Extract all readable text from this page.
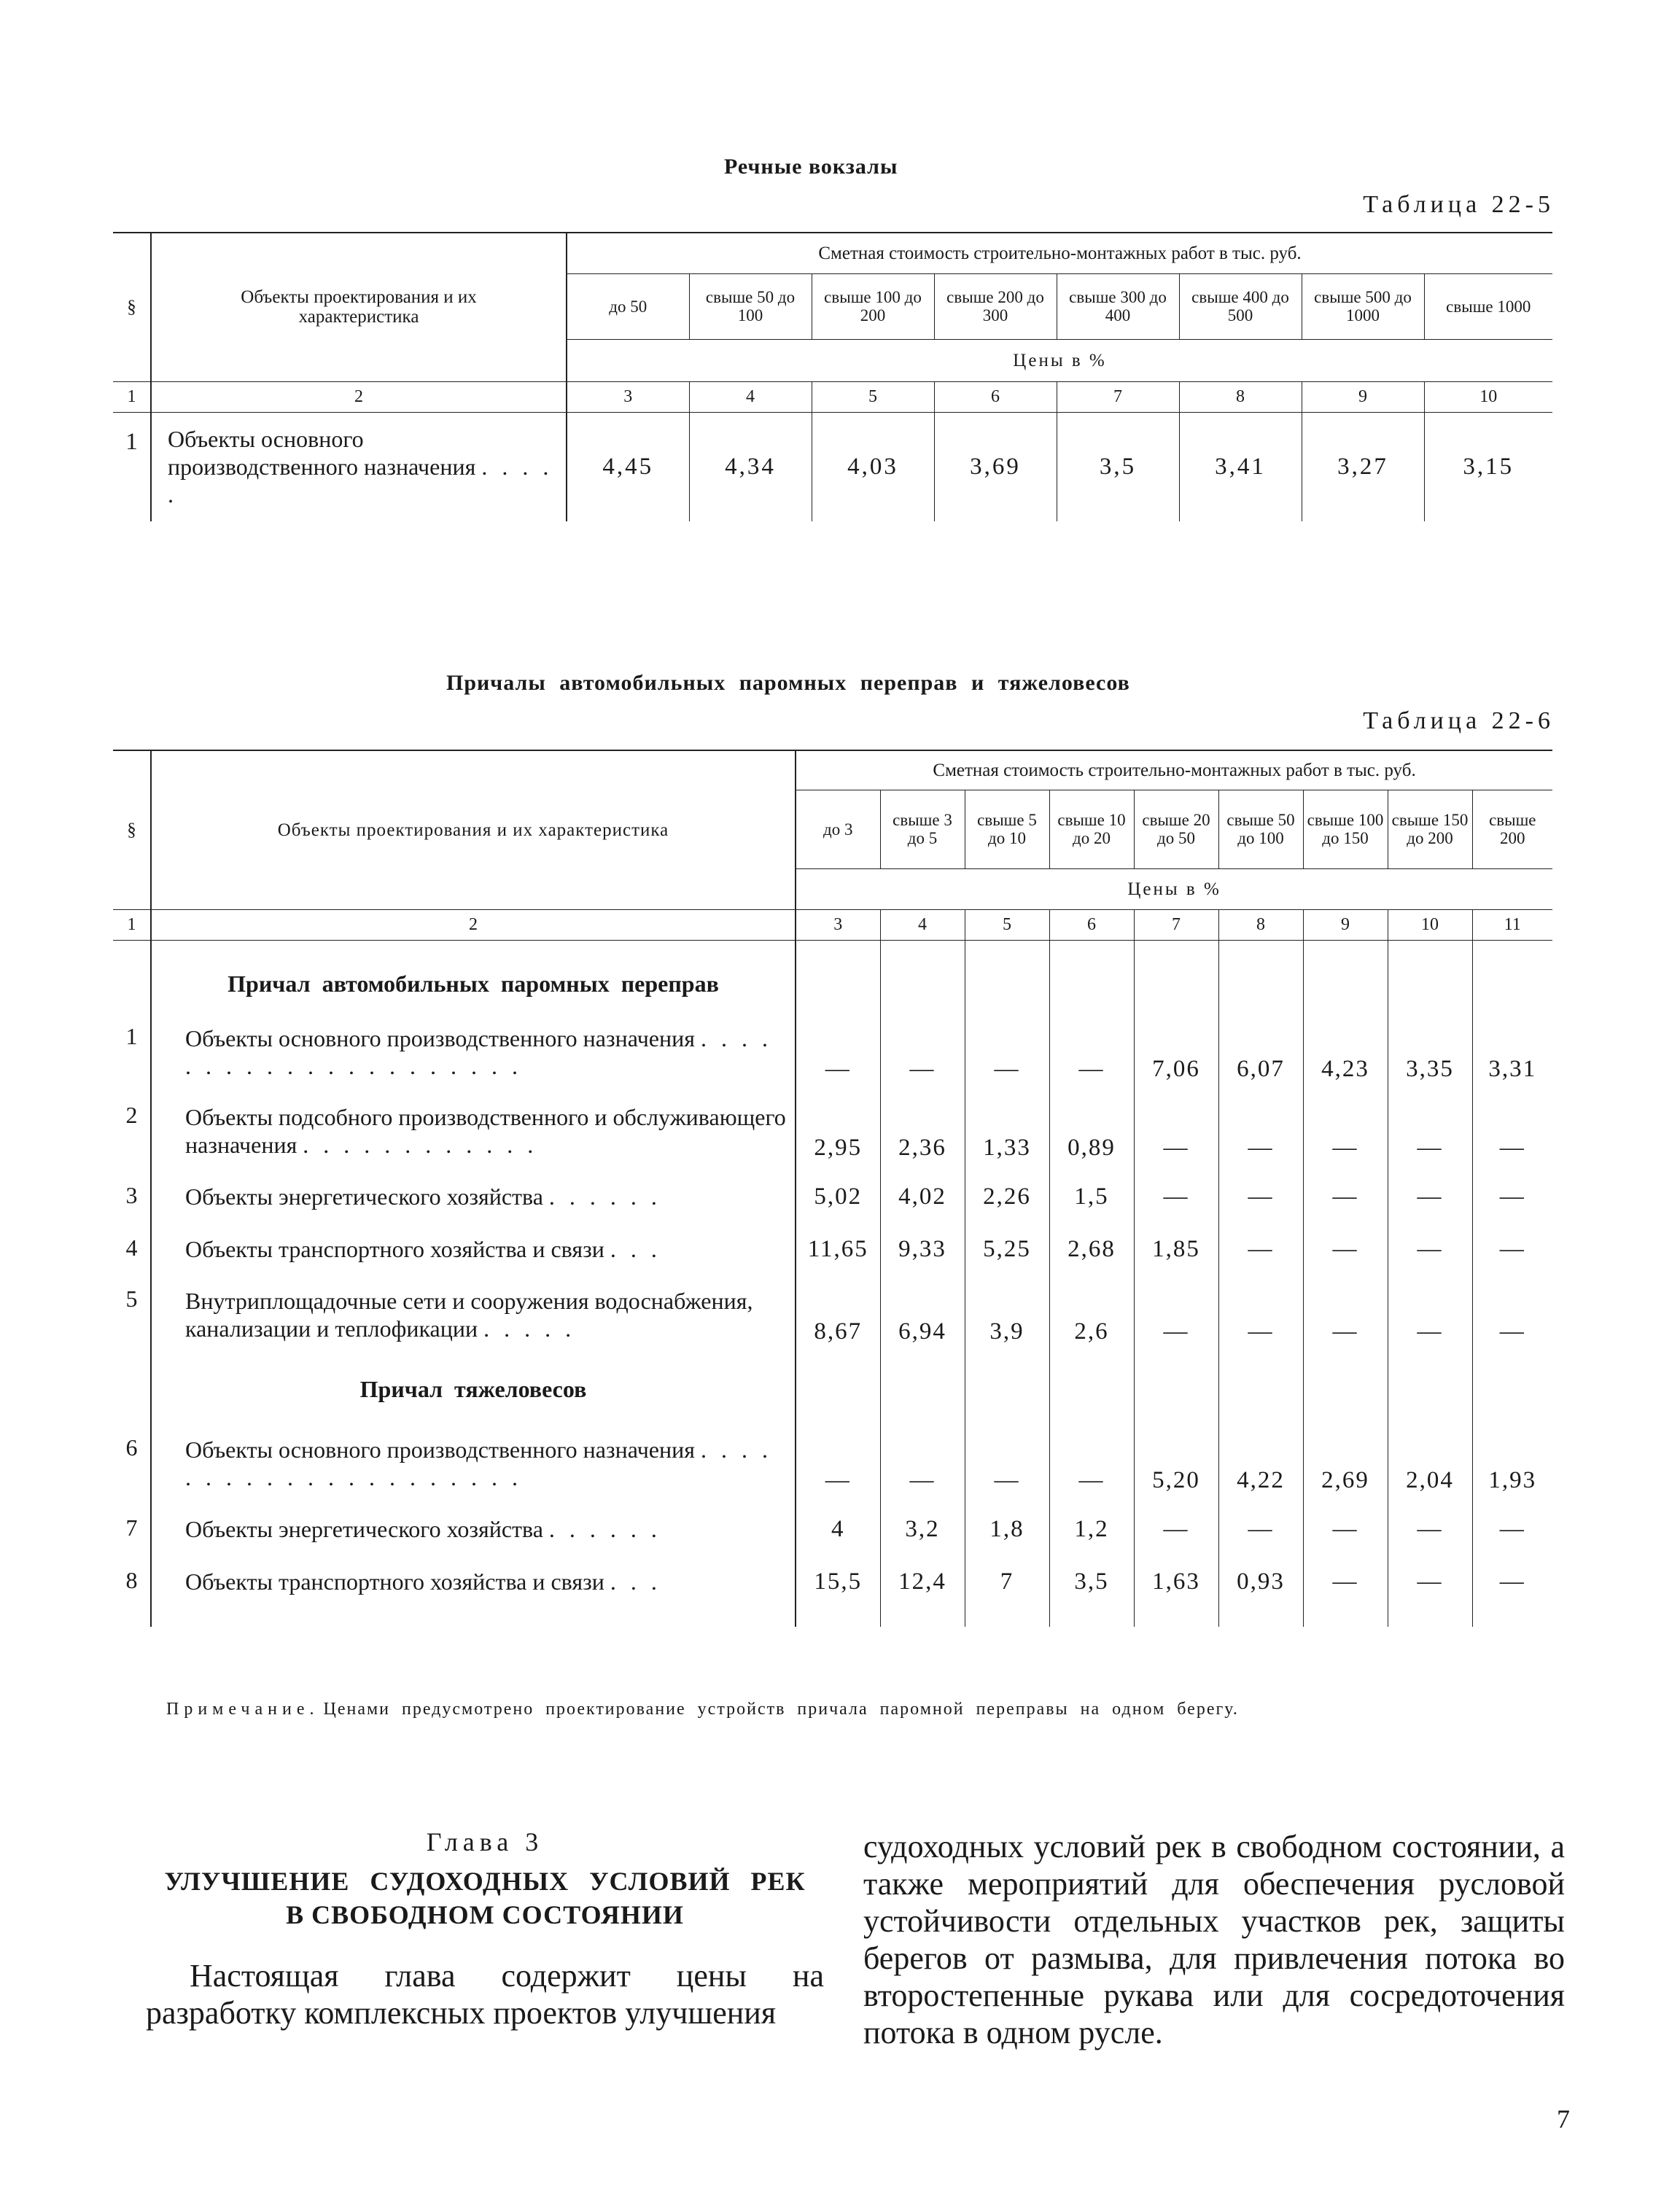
Речные вокзалы
Таблица 22-5
§	Объекты проектирования и их характеристика	Сметная стоимость строительно-монтажных работ в тыс. руб.							
		до 50	свыше 50 до 100	свыше 100 до 200	свыше 200 до 300	свыше 300 до 400	свыше 400 до 500	свыше 500 до 1000	свыше 1000
		Цены в %							
1	2	3	4	5	6	7	8	9	10
1	Объекты основного производственного назначения . . . . .	4,45	4,34	4,03	3,69	3,5	3,41	3,27	3,15
Причалы автомобильных паромных переправ и тяжеловесов
Таблица 22-6
§	Объекты проектирования и их характеристика	Сметная стоимость строительно-монтажных работ в тыс. руб.								
		до 3	свыше 3 до 5	свыше 5 до 10	свыше 10 до 20	свыше 20 до 50	свыше 50 до 100	свыше 100 до 150	свыше 150 до 200	свыше 200
		Цены в %								
1	2	3	4	5	6	7	8	9	10	11
	Причал автомобильных паромных переправ									
1	Объекты основного производственного назначения . . . . . . . . . . . . . . . . . . . . .	—	—	—	—	7,06	6,07	4,23	3,35	3,31
2	Объекты подсобного производственного и обслуживающего назначения . . . . . . . . . . . .	2,95	2,36	1,33	0,89	—	—	—	—	—
3	Объекты энергетического хозяйства . . . . . .	5,02	4,02	2,26	1,5	—	—	—	—	—
4	Объекты транспортного хозяйства и связи . . .	11,65	9,33	5,25	2,68	1,85	—	—	—	—
5	Внутриплощадочные сети и сооружения водоснабжения, канализации и теплофикации . . . . .	8,67	6,94	3,9	2,6	—	—	—	—	—
	Причал тяжеловесов									
6	Объекты основного производственного назначения . . . . . . . . . . . . . . . . . . . . .	—	—	—	—	5,20	4,22	2,69	2,04	1,93
7	Объекты энергетического хозяйства . . . . . .	4	3,2	1,8	1,2	—	—	—	—	—
8	Объекты транспортного хозяйства и связи . . .	15,5	12,4	7	3,5	1,63	0,93	—	—	—

Примечание. Ценами предусмотрено проектирование устройств причала паромной переправы на одном берегу.
Глава 3
УЛУЧШЕНИЕ СУДОХОДНЫХ УСЛОВИЙ РЕК
В СВОБОДНОМ СОСТОЯНИИ
Настоящая глава содержит цены на разработку комплексных проектов улучшения
судоходных условий рек в свободном состоянии, а также мероприятий для обеспечения русловой устойчивости отдельных участков рек, защиты берегов от размыва, для привлечения потока во второстепенные рукава или для сосредоточения потока в одном русле.
7
